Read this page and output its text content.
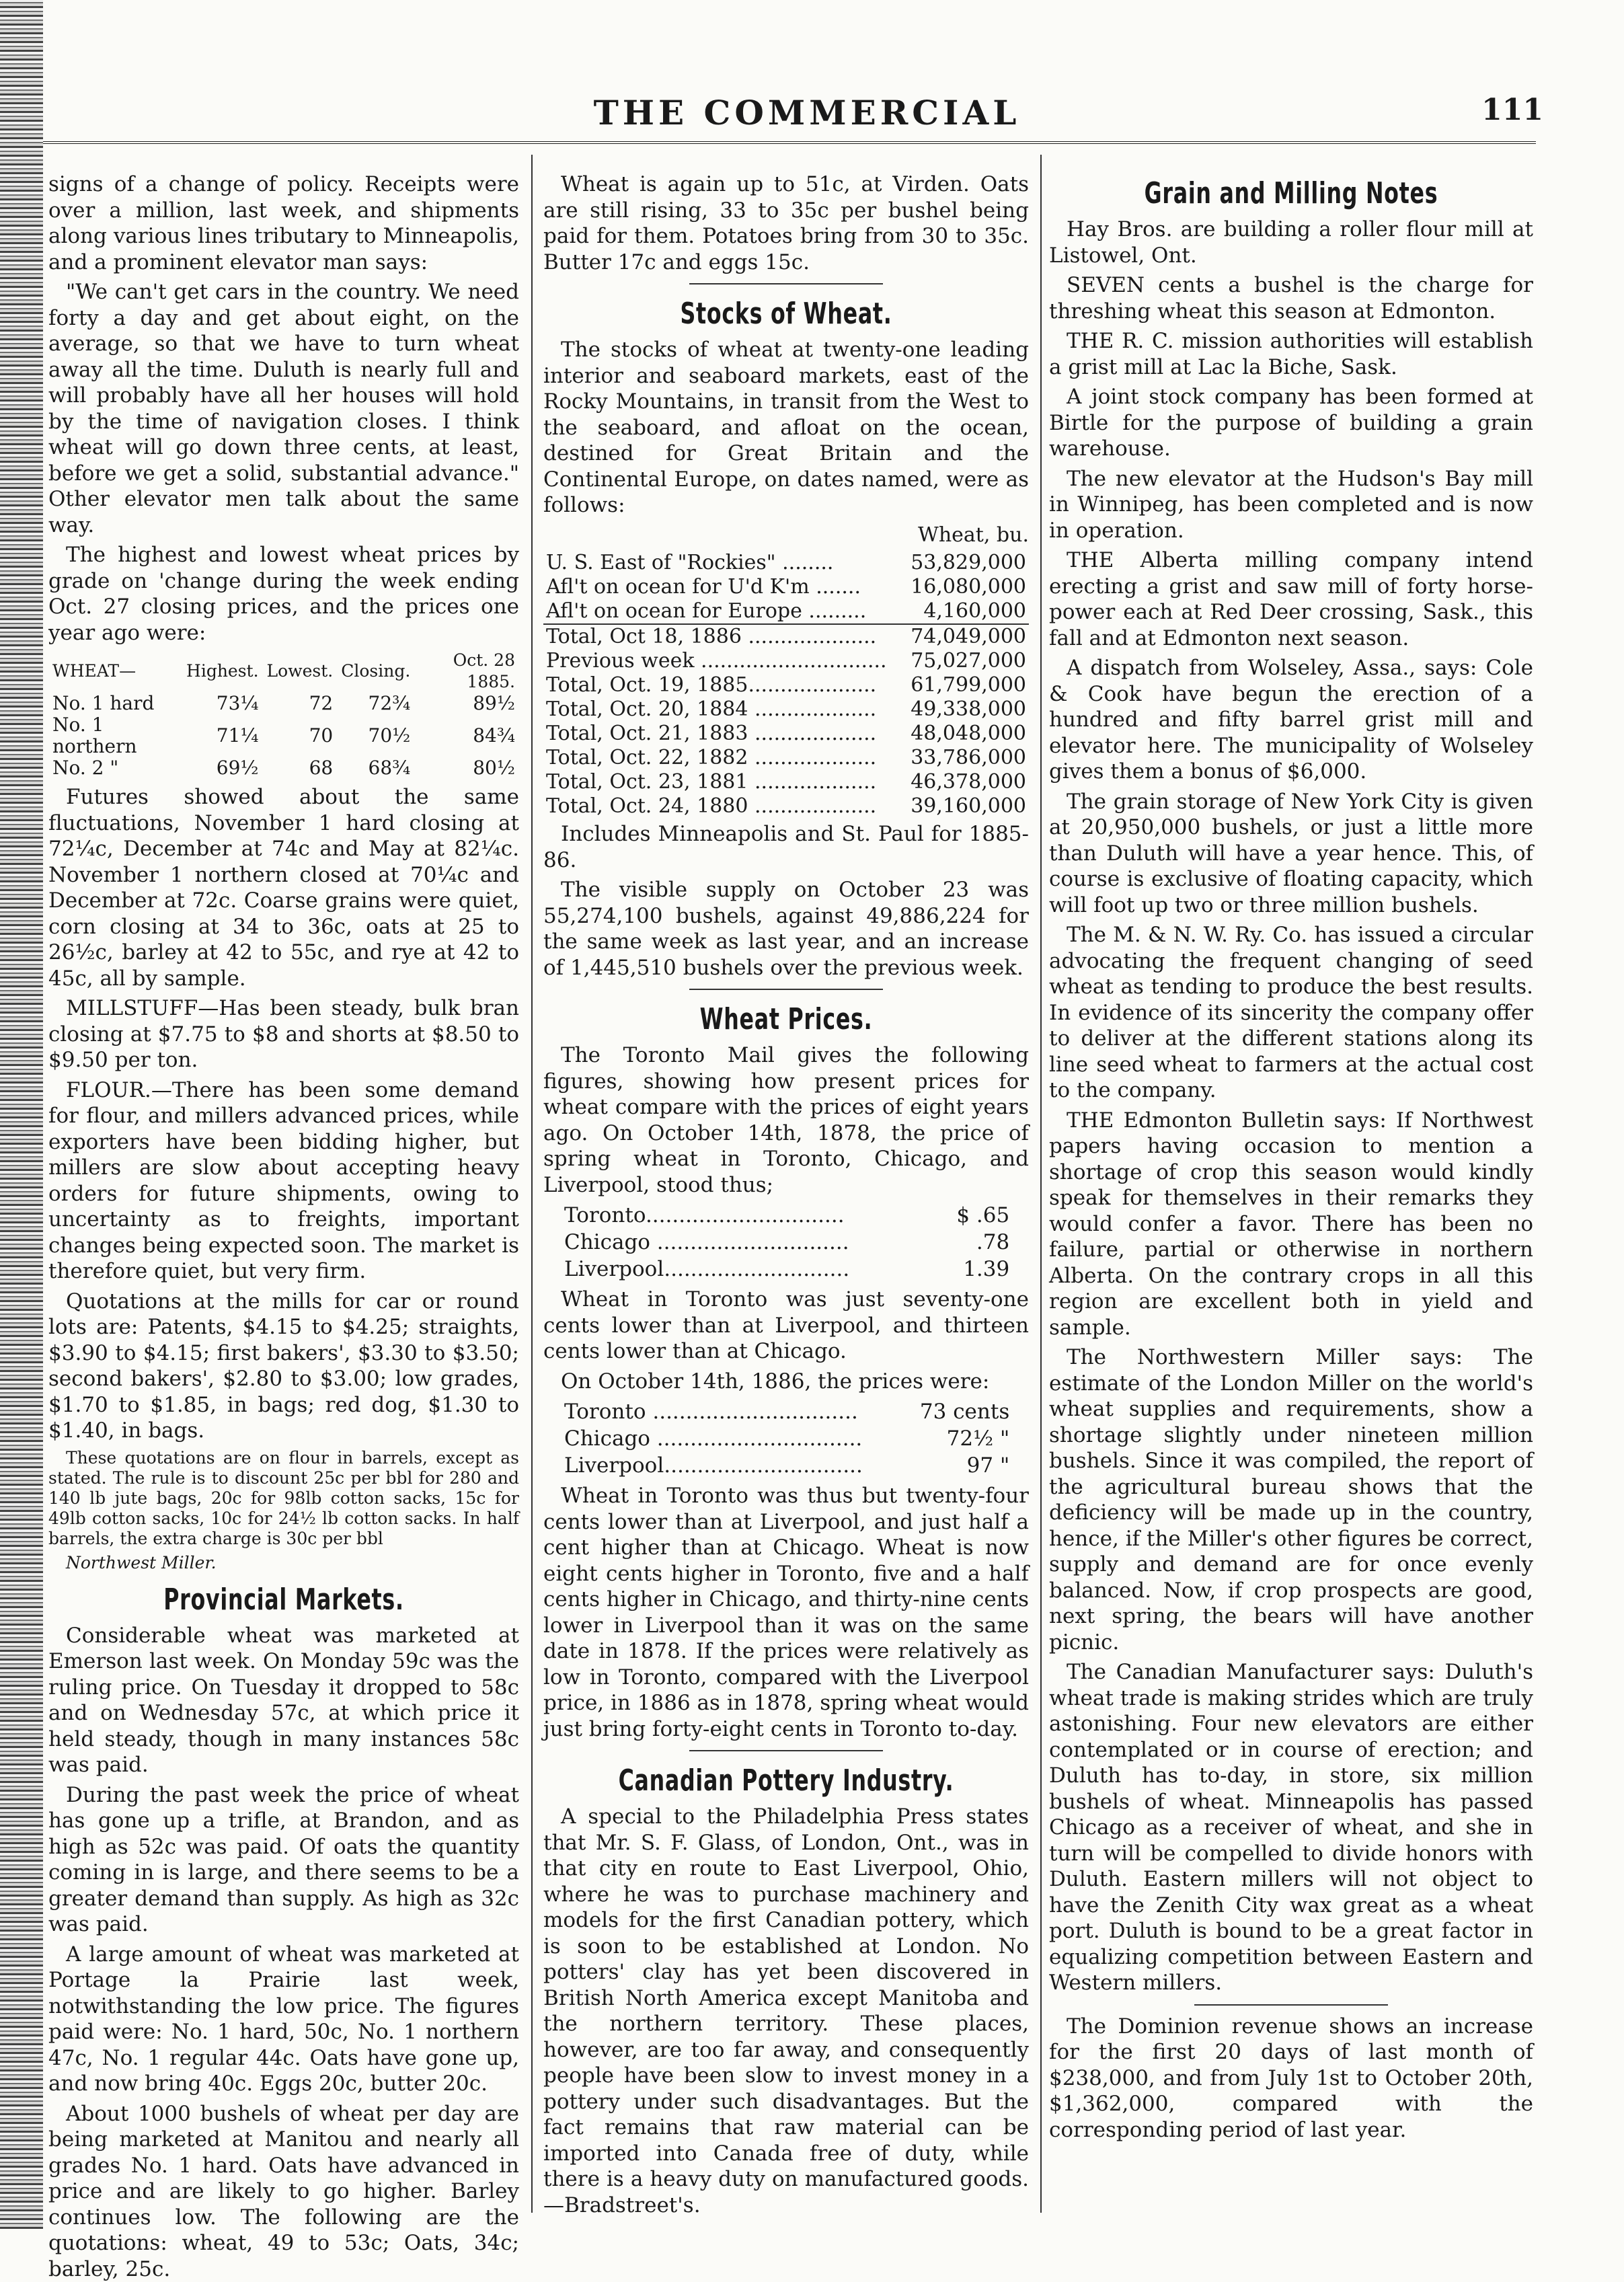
THE COMMERCIAL	111

signs of a change of policy. Receipts were over a million, last week, and shipments along various lines tributary to Minneapolis, and a prominent elevator man says:

"We can't get cars in the country. We need forty a day and get about eight, on the average, so that we have to turn wheat away all the time. Duluth is nearly full and will probably have all her houses will hold by the time of navigation closes. I think wheat will go down three cents, at least, before we get a solid, substantial advance." Other elevator men talk about the same way.

The highest and lowest wheat prices by grade on 'change during the week ending Oct. 27 closing prices, and the prices one year ago were:

WHEAT—	Highest.	Lowest.	Closing.	Oct. 28 1885.
No. 1 hard	73¼	72	72¾	89½
No. 1 northern	71¼	70	70½	84¾
No. 2 "	69½	68	68¾	80½

Futures showed about the same fluctuations, November 1 hard closing at 72¼c, December at 74c and May at 82¼c. November 1 northern closed at 70¼c and December at 72c. Coarse grains were quiet, corn closing at 34 to 36c, oats at 25 to 26½c, barley at 42 to 55c, and rye at 42 to 45c, all by sample.

MILLSTUFF—Has been steady, bulk bran closing at $7.75 to $8 and shorts at $8.50 to $9.50 per ton.

FLOUR.—There has been some demand for flour, and millers advanced prices, while exporters have been bidding higher, but millers are slow about accepting heavy orders for future shipments, owing to uncertainty as to freights, important changes being expected soon. The market is therefore quiet, but very firm.

Quotations at the mills for car or round lots are: Patents, $4.15 to $4.25; straights, $3.90 to $4.15; first bakers', $3.30 to $3.50; second bakers', $2.80 to $3.00; low grades, $1.70 to $1.85, in bags; red dog, $1.30 to $1.40, in bags.

These quotations are on flour in barrels, except as stated. The rule is to discount 25c per bbl for 280 and 140 lb jute bags, 20c for 98lb cotton sacks, 15c for 49lb cotton sacks, 10c for 24½ lb cotton sacks. In half barrels, the extra charge is 30c per bbl

Northwest Miller.

Provincial Markets.

Considerable wheat was marketed at Emerson last week. On Monday 59c was the ruling price. On Tuesday it dropped to 58c and on Wednesday 57c, at which price it held steady, though in many instances 58c was paid.

During the past week the price of wheat has gone up a trifle, at Brandon, and as high as 52c was paid. Of oats the quantity coming in is large, and there seems to be a greater demand than supply. As high as 32c was paid.

A large amount of wheat was marketed at Portage la Prairie last week, notwithstanding the low price. The figures paid were: No. 1 hard, 50c, No. 1 northern 47c, No. 1 regular 44c. Oats have gone up, and now bring 40c. Eggs 20c, butter 20c.

About 1000 bushels of wheat per day are being marketed at Manitou and nearly all grades No. 1 hard. Oats have advanced in price and are likely to go higher. Barley continues low. The following are the quotations: wheat, 49 to 53c; Oats, 34c; barley, 25c.

Wheat is again up to 51c, at Virden. Oats are still rising, 33 to 35c per bushel being paid for them. Potatoes bring from 30 to 35c. Butter 17c and eggs 15c.

Stocks of Wheat.

The stocks of wheat at twenty-one leading interior and seaboard markets, east of the Rocky Mountains, in transit from the West to the seaboard, and afloat on the ocean, destined for Great Britain and the Continental Europe, on dates named, were as follows:

Wheat, bu.
U. S. East of "Rockies" ........	53,829,000
Afl't on ocean for U'd K'm .......	16,080,000
Afl't on ocean for Europe .........	4,160,000
Total, Oct 18, 1886 ....................	74,049,000
Previous week .............................	75,027,000
Total, Oct. 19, 1885....................	61,799,000
Total, Oct. 20, 1884 ...................	49,338,000
Total, Oct. 21, 1883 ...................	48,048,000
Total, Oct. 22, 1882 ...................	33,786,000
Total, Oct. 23, 1881 ...................	46,378,000
Total, Oct. 24, 1880 ...................	39,160,000

Includes Minneapolis and St. Paul for 1885-86.

The visible supply on October 23 was 55,274,100 bushels, against 49,886,224 for the same week as last year, and an increase of 1,445,510 bushels over the previous week.

Wheat Prices.

The Toronto Mail gives the following figures, showing how present prices for wheat compare with the prices of eight years ago. On October 14th, 1878, the price of spring wheat in Toronto, Chicago, and Liverpool, stood thus;

Toronto..............................	$ .65
Chicago .............................	.78
Liverpool............................	1.39

Wheat in Toronto was just seventy-one cents lower than at Liverpool, and thirteen cents lower than at Chicago.

On October 14th, 1886, the prices were:

Toronto ...............................	73 cents
Chicago ...............................	72½ "
Liverpool..............................	97 "

Wheat in Toronto was thus but twenty-four cents lower than at Liverpool, and just half a cent higher than at Chicago. Wheat is now eight cents higher in Toronto, five and a half cents higher in Chicago, and thirty-nine cents lower in Liverpool than it was on the same date in 1878. If the prices were relatively as low in Toronto, compared with the Liverpool price, in 1886 as in 1878, spring wheat would just bring forty-eight cents in Toronto to-day.

Canadian Pottery Industry.

A special to the Philadelphia Press states that Mr. S. F. Glass, of London, Ont., was in that city en route to East Liverpool, Ohio, where he was to purchase machinery and models for the first Canadian pottery, which is soon to be established at London. No potters' clay has yet been discovered in British North America except Manitoba and the northern territory. These places, however, are too far away, and consequently people have been slow to invest money in a pottery under such disadvantages. But the fact remains that raw material can be imported into Canada free of duty, while there is a heavy duty on manufactured goods.—Bradstreet's.

Grain and Milling Notes

Hay Bros. are building a roller flour mill at Listowel, Ont.

SEVEN cents a bushel is the charge for threshing wheat this season at Edmonton.

THE R. C. mission authorities will establish a grist mill at Lac la Biche, Sask.

A joint stock company has been formed at Birtle for the purpose of building a grain warehouse.

The new elevator at the Hudson's Bay mill in Winnipeg, has been completed and is now in operation.

THE Alberta milling company intend erecting a grist and saw mill of forty horse-power each at Red Deer crossing, Sask., this fall and at Edmonton next season.

A dispatch from Wolseley, Assa., says: Cole & Cook have begun the erection of a hundred and fifty barrel grist mill and elevator here. The municipality of Wolseley gives them a bonus of $6,000.

The grain storage of New York City is given at 20,950,000 bushels, or just a little more than Duluth will have a year hence. This, of course is exclusive of floating capacity, which will foot up two or three million bushels.

The M. & N. W. Ry. Co. has issued a circular advocating the frequent changing of seed wheat as tending to produce the best results. In evidence of its sincerity the company offer to deliver at the different stations along its line seed wheat to farmers at the actual cost to the company.

THE Edmonton Bulletin says: If Northwest papers having occasion to mention a shortage of crop this season would kindly speak for themselves in their remarks they would confer a favor. There has been no failure, partial or otherwise in northern Alberta. On the contrary crops in all this region are excellent both in yield and sample.

The Northwestern Miller says: The estimate of the London Miller on the world's wheat supplies and requirements, show a shortage slightly under nineteen million bushels. Since it was compiled, the report of the agricultural bureau shows that the deficiency will be made up in the country, hence, if the Miller's other figures be correct, supply and demand are for once evenly balanced. Now, if crop prospects are good, next spring, the bears will have another picnic.

The Canadian Manufacturer says: Duluth's wheat trade is making strides which are truly astonishing. Four new elevators are either contemplated or in course of erection; and Duluth has to-day, in store, six million bushels of wheat. Minneapolis has passed Chicago as a receiver of wheat, and she in turn will be compelled to divide honors with Duluth. Eastern millers will not object to have the Zenith City wax great as a wheat port. Duluth is bound to be a great factor in equalizing competition between Eastern and Western millers.

The Dominion revenue shows an increase for the first 20 days of last month of $238,000, and from July 1st to October 20th, $1,362,000, compared with the corresponding period of last year.
